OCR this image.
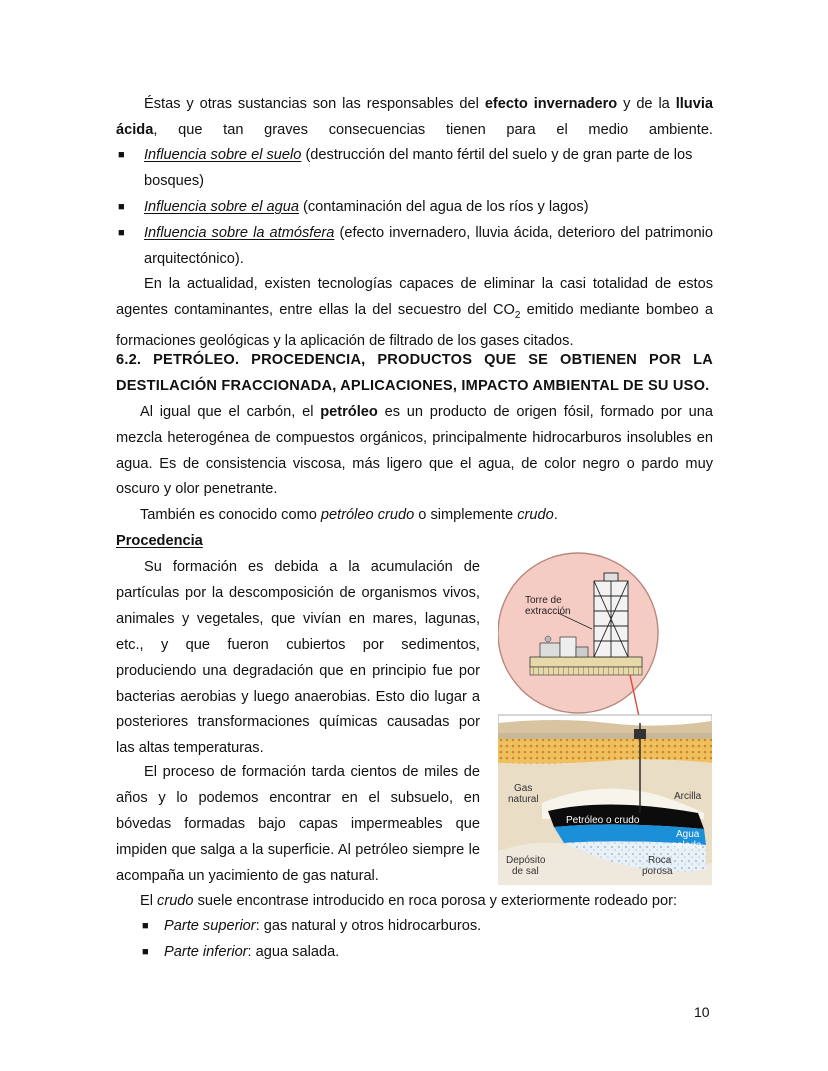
Éstas y otras sustancias son las responsables del efecto invernadero y de la lluvia ácida, que tan graves consecuencias tienen para el medio ambiente.
■ Influencia sobre el suelo (destrucción del manto fértil del suelo y de gran parte de los bosques)
■ Influencia sobre el agua (contaminación del agua de los ríos y lagos)
■ Influencia sobre la atmósfera (efecto invernadero, lluvia ácida, deterioro del patrimonio arquitectónico).
En la actualidad, existen tecnologías capaces de eliminar la casi totalidad de estos agentes contaminantes, entre ellas la del secuestro del $CO_2$ emitido mediante bombeo a formaciones geológicas y la aplicación de filtrado de los gases citados.
6.2. PETRÓLEO. PROCEDENCIA, PRODUCTOS QUE SE OBTIENEN POR LA DESTILACIÓN FRACCIONADA, APLICACIONES, IMPACTO AMBIENTAL DE SU USO.
Al igual que el carbón, el petróleo es un producto de origen fósil, formado por una mezcla heterogénea de compuestos orgánicos, principalmente hidrocarburos insolubles en agua. Es de consistencia viscosa, más ligero que el agua, de color negro o pardo muy oscuro y olor penetrante.
También es conocido como petróleo crudo o simplemente crudo.
Procedencia
Su formación es debida a la acumulación de partículas por la descomposición de organismos vivos, animales y vegetales, que vivían en mares, lagunas, etc., y que fueron cubiertos por sedimentos, produciendo una degradación que en principio fue por bacterias aerobias y luego anaerobias. Esto dio lugar a posteriores transformaciones químicas causadas por las altas temperaturas.
El proceso de formación tarda cientos de miles de años y lo podemos encontrar en el subsuelo, en bóvedas formadas bajo capas impermeables que impiden que salga a la superficie. Al petróleo siempre le acompaña un yacimiento de gas natural.
Torre de
extracción
Gas
natural	Arcilla
Petróleo o crudo
Agua
salada
Depósito
de sal
Roca
porosa
El crudo suele encontrase introducido en roca porosa y exteriormente rodeado por:
■ Parte superior: gas natural y otros hidrocarburos.
■ Parte inferior: agua salada.
10
